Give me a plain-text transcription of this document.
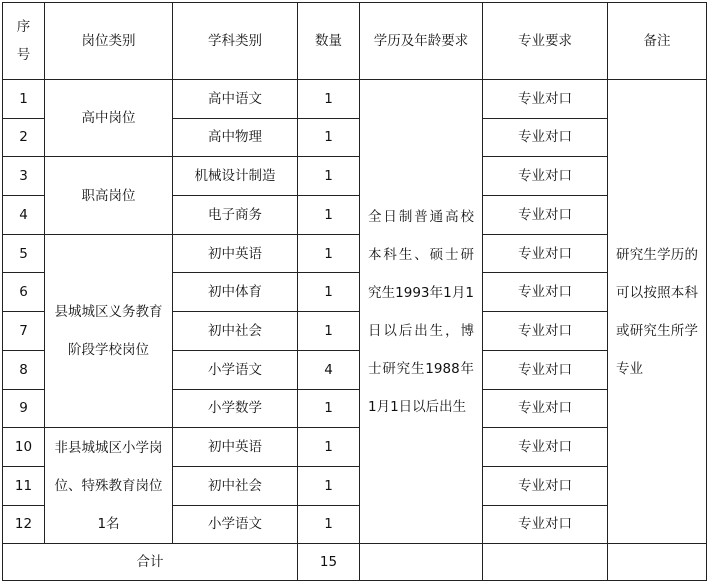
序
号	岗位类别	学科类别	数量	学历及年龄要求	专业要求	备注
1	高中岗位	高中语文	1	全日制普通高校本科生、硕士研究生1993年1月1日以后出生，博士研究生1988年1月1日以后出生	专业对口	研究生学历的可以按照本科或研究生所学专业

2		高中物理	1		专业对口	
3	职高岗位	机械设计制造	1		专业对口	
4		电子商务	1		专业对口	
5	县城城区义务教育阶段学校岗位	初中英语	1		专业对口	
6		初中体育	1		专业对口	
7		初中社会	1		专业对口	
8		小学语文	4		专业对口	
9		小学数学	1		专业对口	
10	非县城城区小学岗位、特殊教育岗位1名	初中英语	1		专业对口	
11		初中社会	1		专业对口	
12		小学语文	1		专业对口	
合计			15			
